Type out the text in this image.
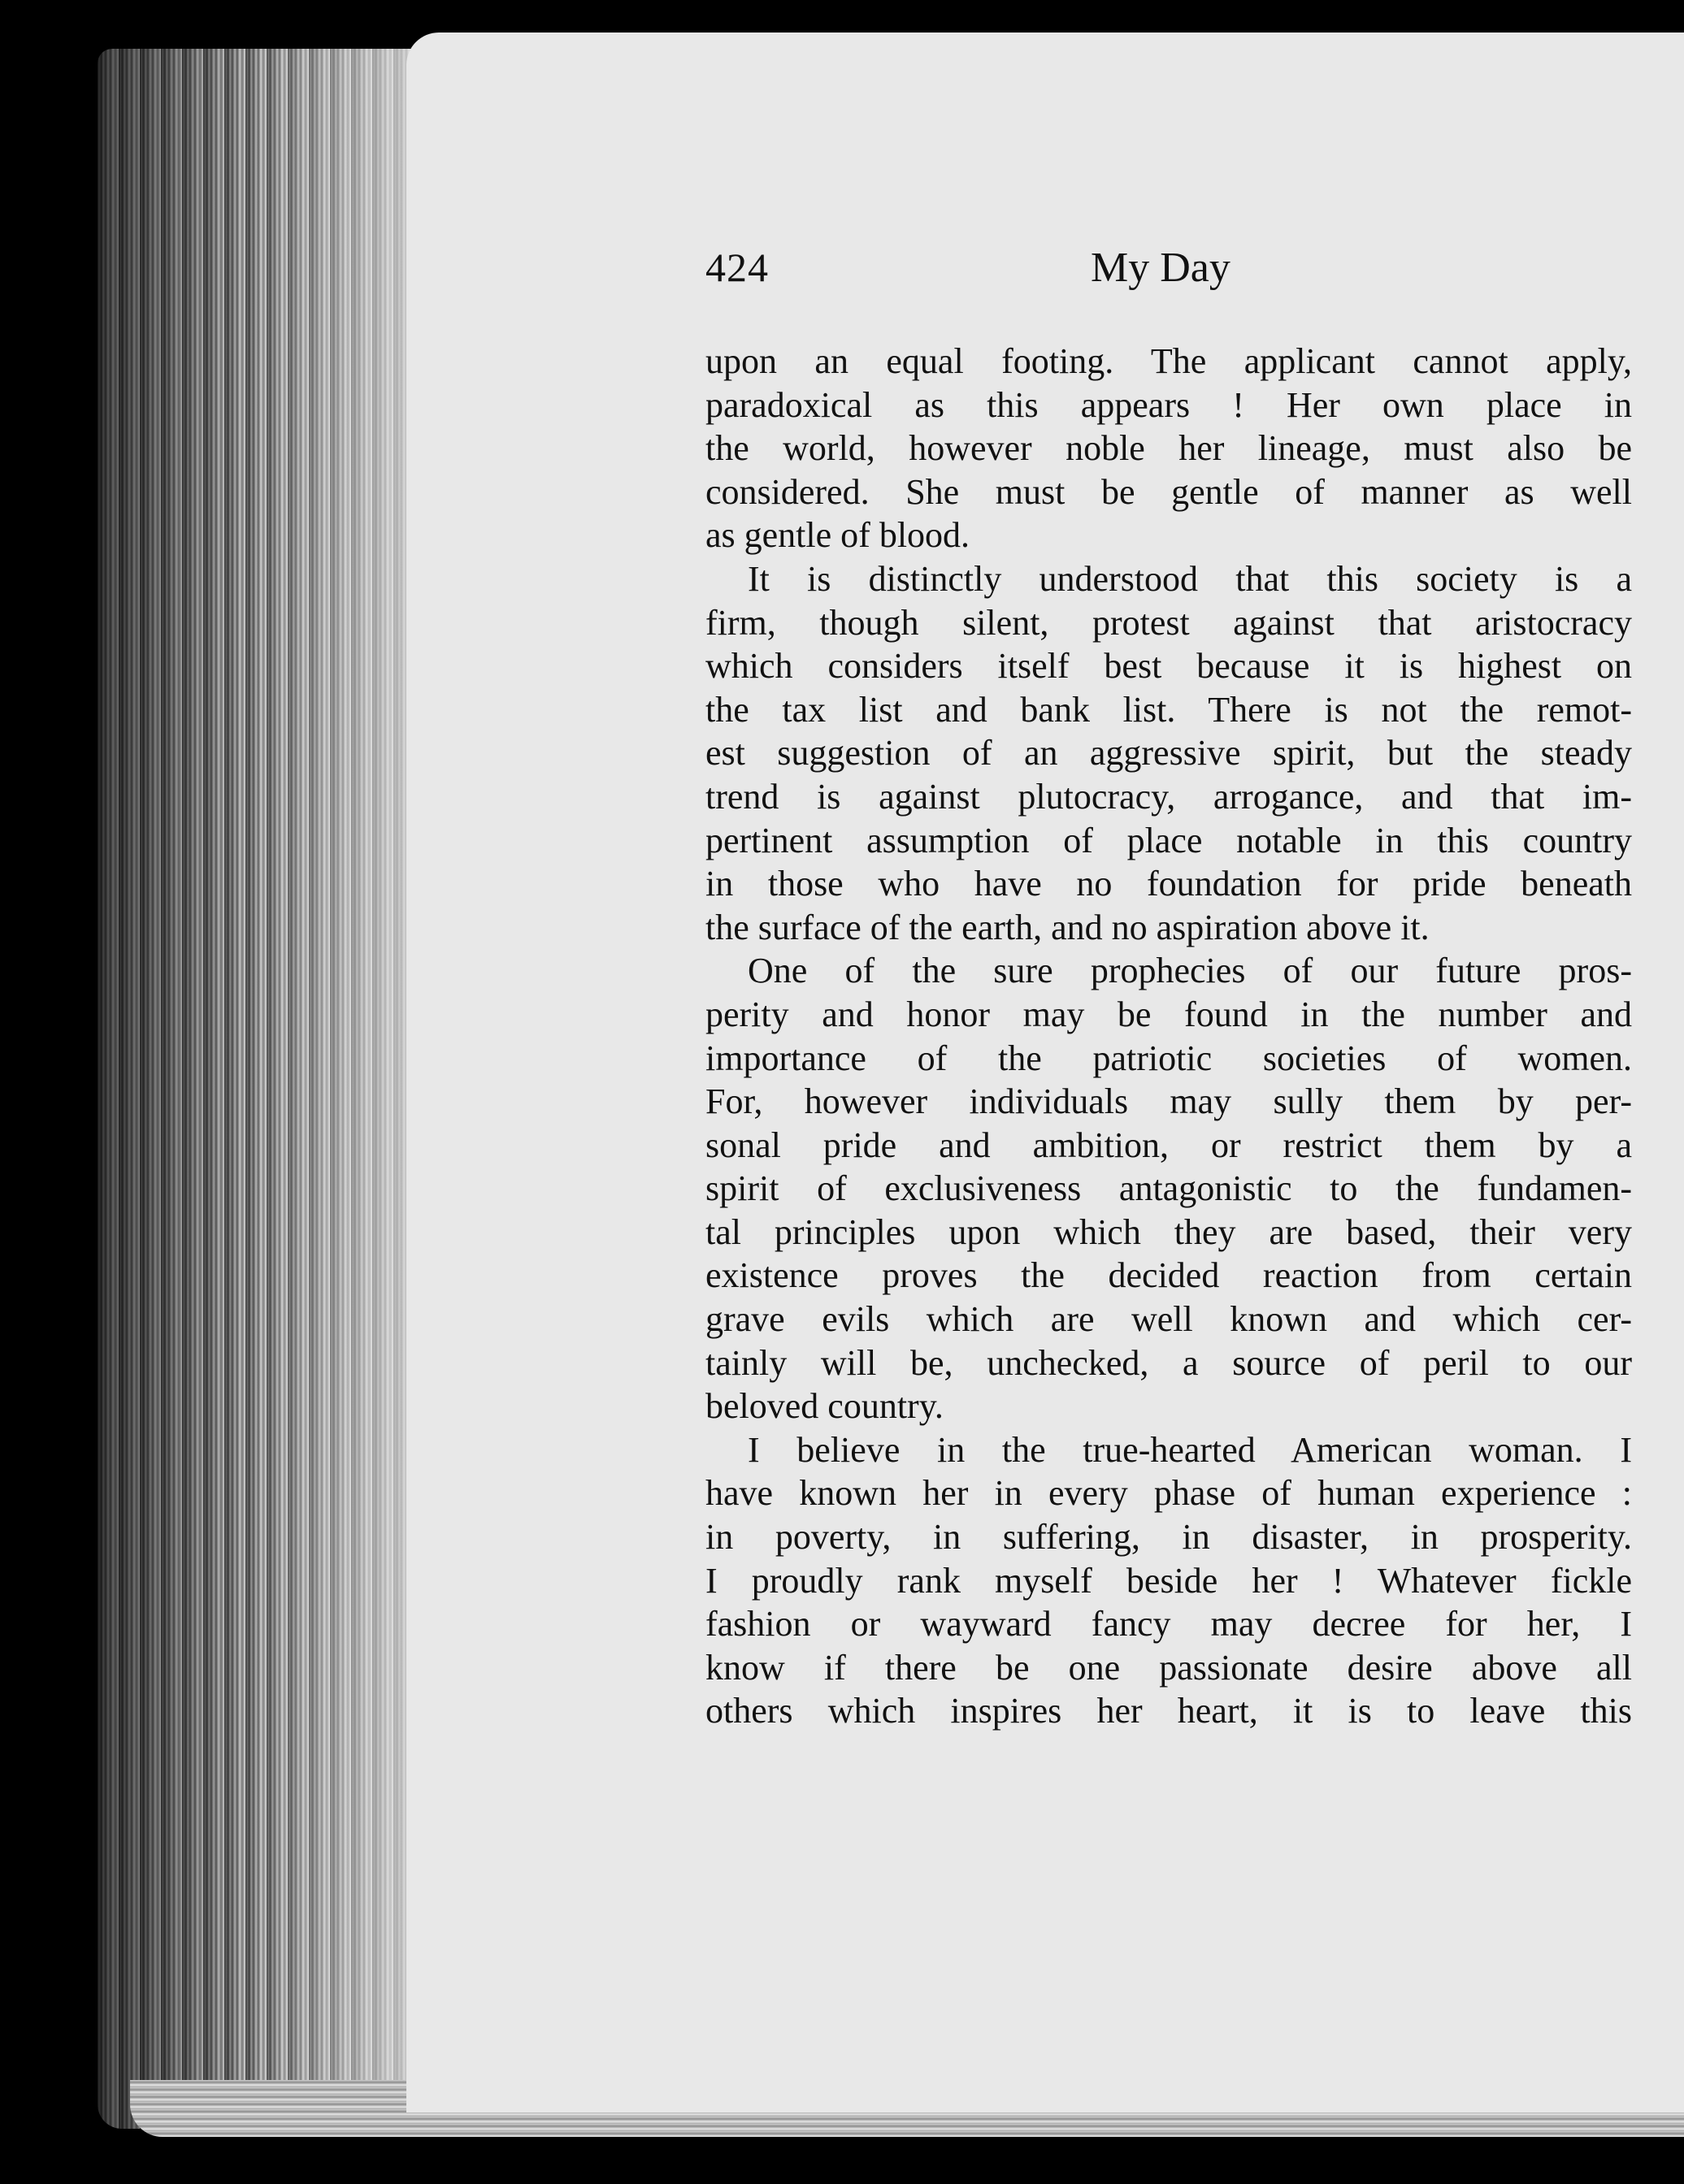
424	My Day
upon an equal footing. The applicant cannot apply,
paradoxical as this appears ! Her own place in
the world, however noble her lineage, must also be
considered. She must be gentle of manner as well
as gentle of blood.
It is distinctly understood that this society is a
firm, though silent, protest against that aristocracy
which considers itself best because it is highest on
the tax list and bank list. There is not the remot-
est suggestion of an aggressive spirit, but the steady
trend is against plutocracy, arrogance, and that im-
pertinent assumption of place notable in this country
in those who have no foundation for pride beneath
the surface of the earth, and no aspiration above it.
One of the sure prophecies of our future pros-
perity and honor may be found in the number and
importance of the patriotic societies of women.
For, however individuals may sully them by per-
sonal pride and ambition, or restrict them by a
spirit of exclusiveness antagonistic to the fundamen-
tal principles upon which they are based, their very
existence proves the decided reaction from certain
grave evils which are well known and which cer-
tainly will be, unchecked, a source of peril to our
beloved country.
I believe in the true-hearted American woman. I
have known her in every phase of human experience :
in poverty, in suffering, in disaster, in prosperity.
I proudly rank myself beside her ! Whatever fickle
fashion or wayward fancy may decree for her, I
know if there be one passionate desire above all
others which inspires her heart, it is to leave this
